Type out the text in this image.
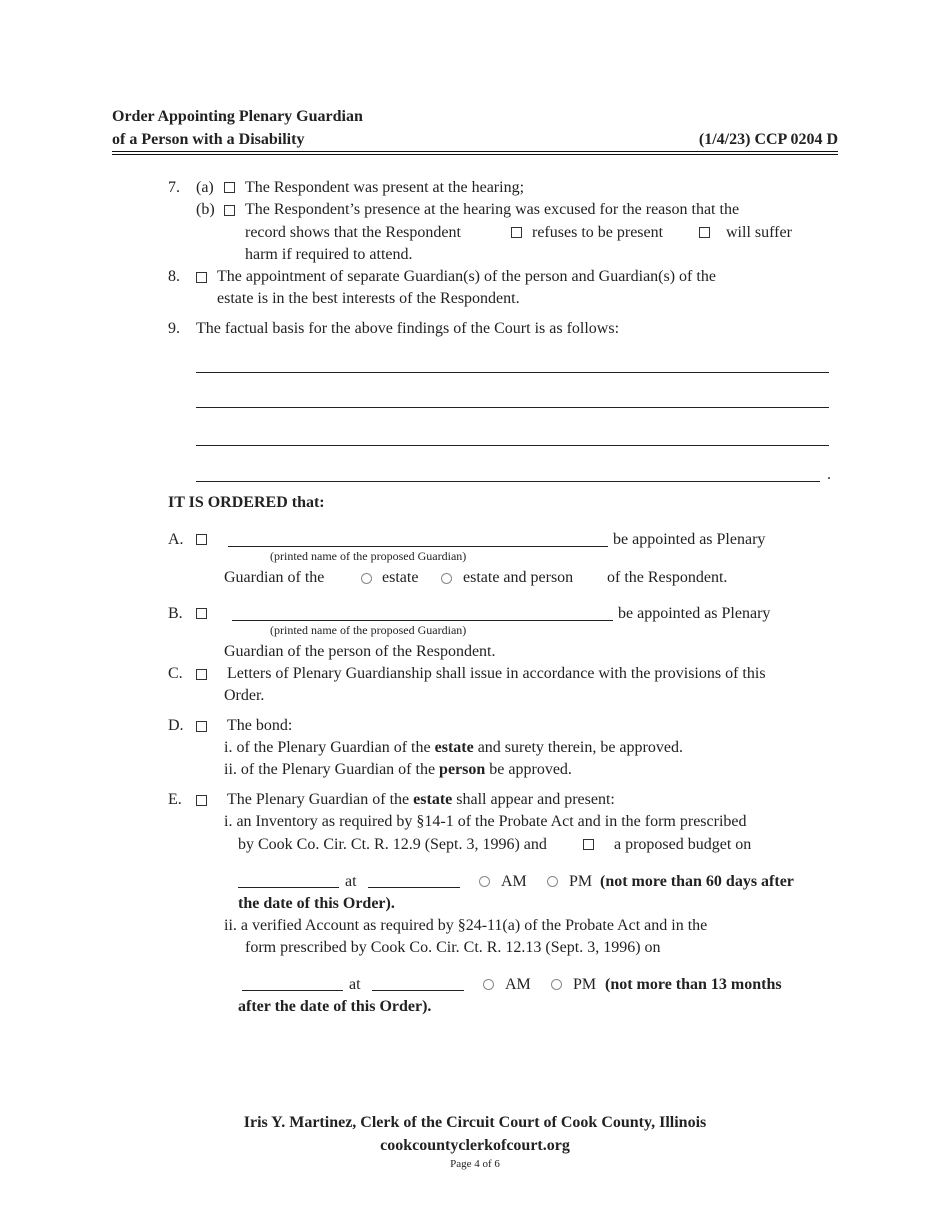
Order Appointing Plenary Guardian
of a Person with a Disability	(1/4/23) CCP 0204 D
7. (a) The Respondent was present at the hearing;
(b) The Respondent’s presence at the hearing was excused for the reason that the
record shows that the Respondent	refuses to be present	will suffer
harm if required to attend.
8. The appointment of separate Guardian(s) of the person and Guardian(s) of the
estate is in the best interests of the Respondent.
9. The factual basis for the above findings of the Court is as follows:
.
IT IS ORDERED that:
A.	be appointed as Plenary
(printed name of the proposed Guardian)
Guardian of the	estate	estate and person of the Respondent.
B.	be appointed as Plenary
(printed name of the proposed Guardian)
Guardian of the person of the Respondent.
C.	Letters of Plenary Guardianship shall issue in accordance with the provisions of this
Order.
D.	The bond:
i. of the Plenary Guardian of the estate and surety therein, be approved.
ii. of the Plenary Guardian of the person be approved.
E.	The Plenary Guardian of the estate shall appear and present:
i. an Inventory as required by §14-1 of the Probate Act and in the form prescribed
by Cook Co. Cir. Ct. R. 12.9 (Sept. 3, 1996) and	a proposed budget on
at	AM	PM (not more than 60 days after
the date of this Order).
ii. a verified Account as required by §24-11(a) of the Probate Act and in the
form prescribed by Cook Co. Cir. Ct. R. 12.13 (Sept. 3, 1996) on
at	AM	PM (not more than 13 months
after the date of this Order).
Iris Y. Martinez, Clerk of the Circuit Court of Cook County, Illinois
cookcountyclerkofcourt.org
Page 4 of 6
